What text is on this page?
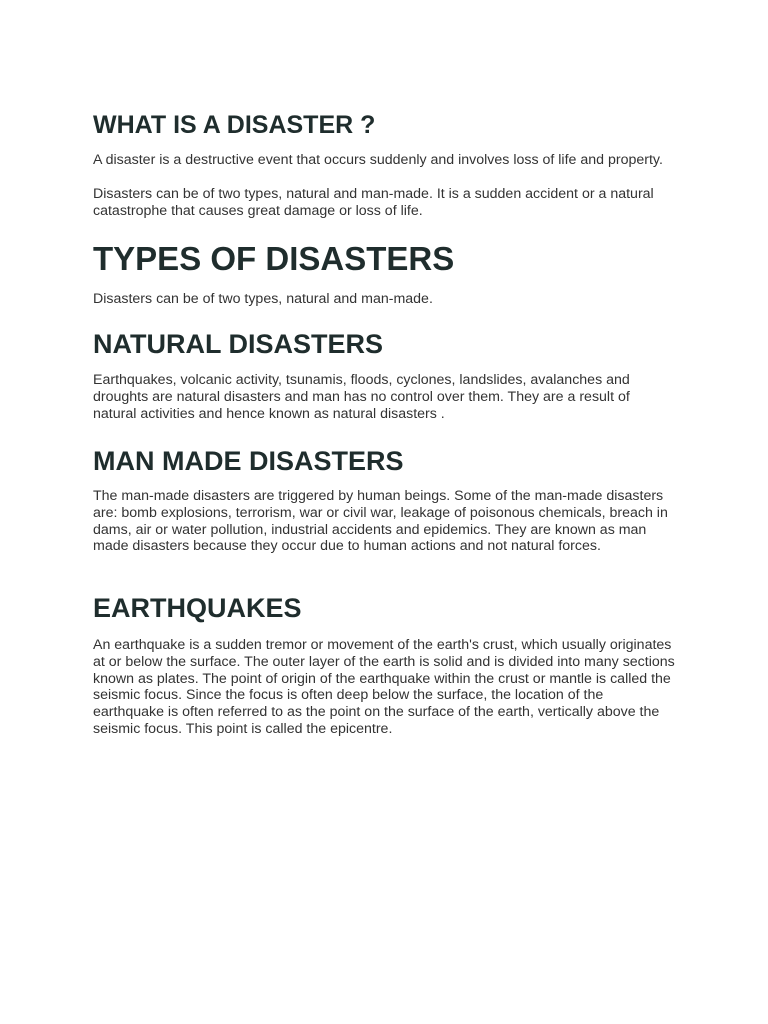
WHAT IS A DISASTER ?

A disaster is a destructive event that occurs suddenly and involves loss of life and property.

Disasters can be of two types, natural and man-made. It is a sudden accident or a natural catastrophe that causes great damage or loss of life.

TYPES OF DISASTERS

Disasters can be of two types, natural and man-made.

NATURAL DISASTERS

Earthquakes, volcanic activity, tsunamis, floods, cyclones, landslides, avalanches and droughts are natural disasters and man has no control over them. They are a result of natural activities and hence known as natural disasters .

MAN MADE DISASTERS

The man-made disasters are triggered by human beings. Some of the man-made disasters are: bomb explosions, terrorism, war or civil war, leakage of poisonous chemicals, breach in dams, air or water pollution, industrial accidents and epidemics. They are known as man made disasters because they occur due to human actions and not natural forces.

EARTHQUAKES

An earthquake is a sudden tremor or movement of the earth's crust, which usually originates at or below the surface. The outer layer of the earth is solid and is divided into many sections known as plates. The point of origin of the earthquake within the crust or mantle is called the seismic focus. Since the focus is often deep below the surface, the location of the earthquake is often referred to as the point on the surface of the earth, vertically above the seismic focus. This point is called the epicentre.
